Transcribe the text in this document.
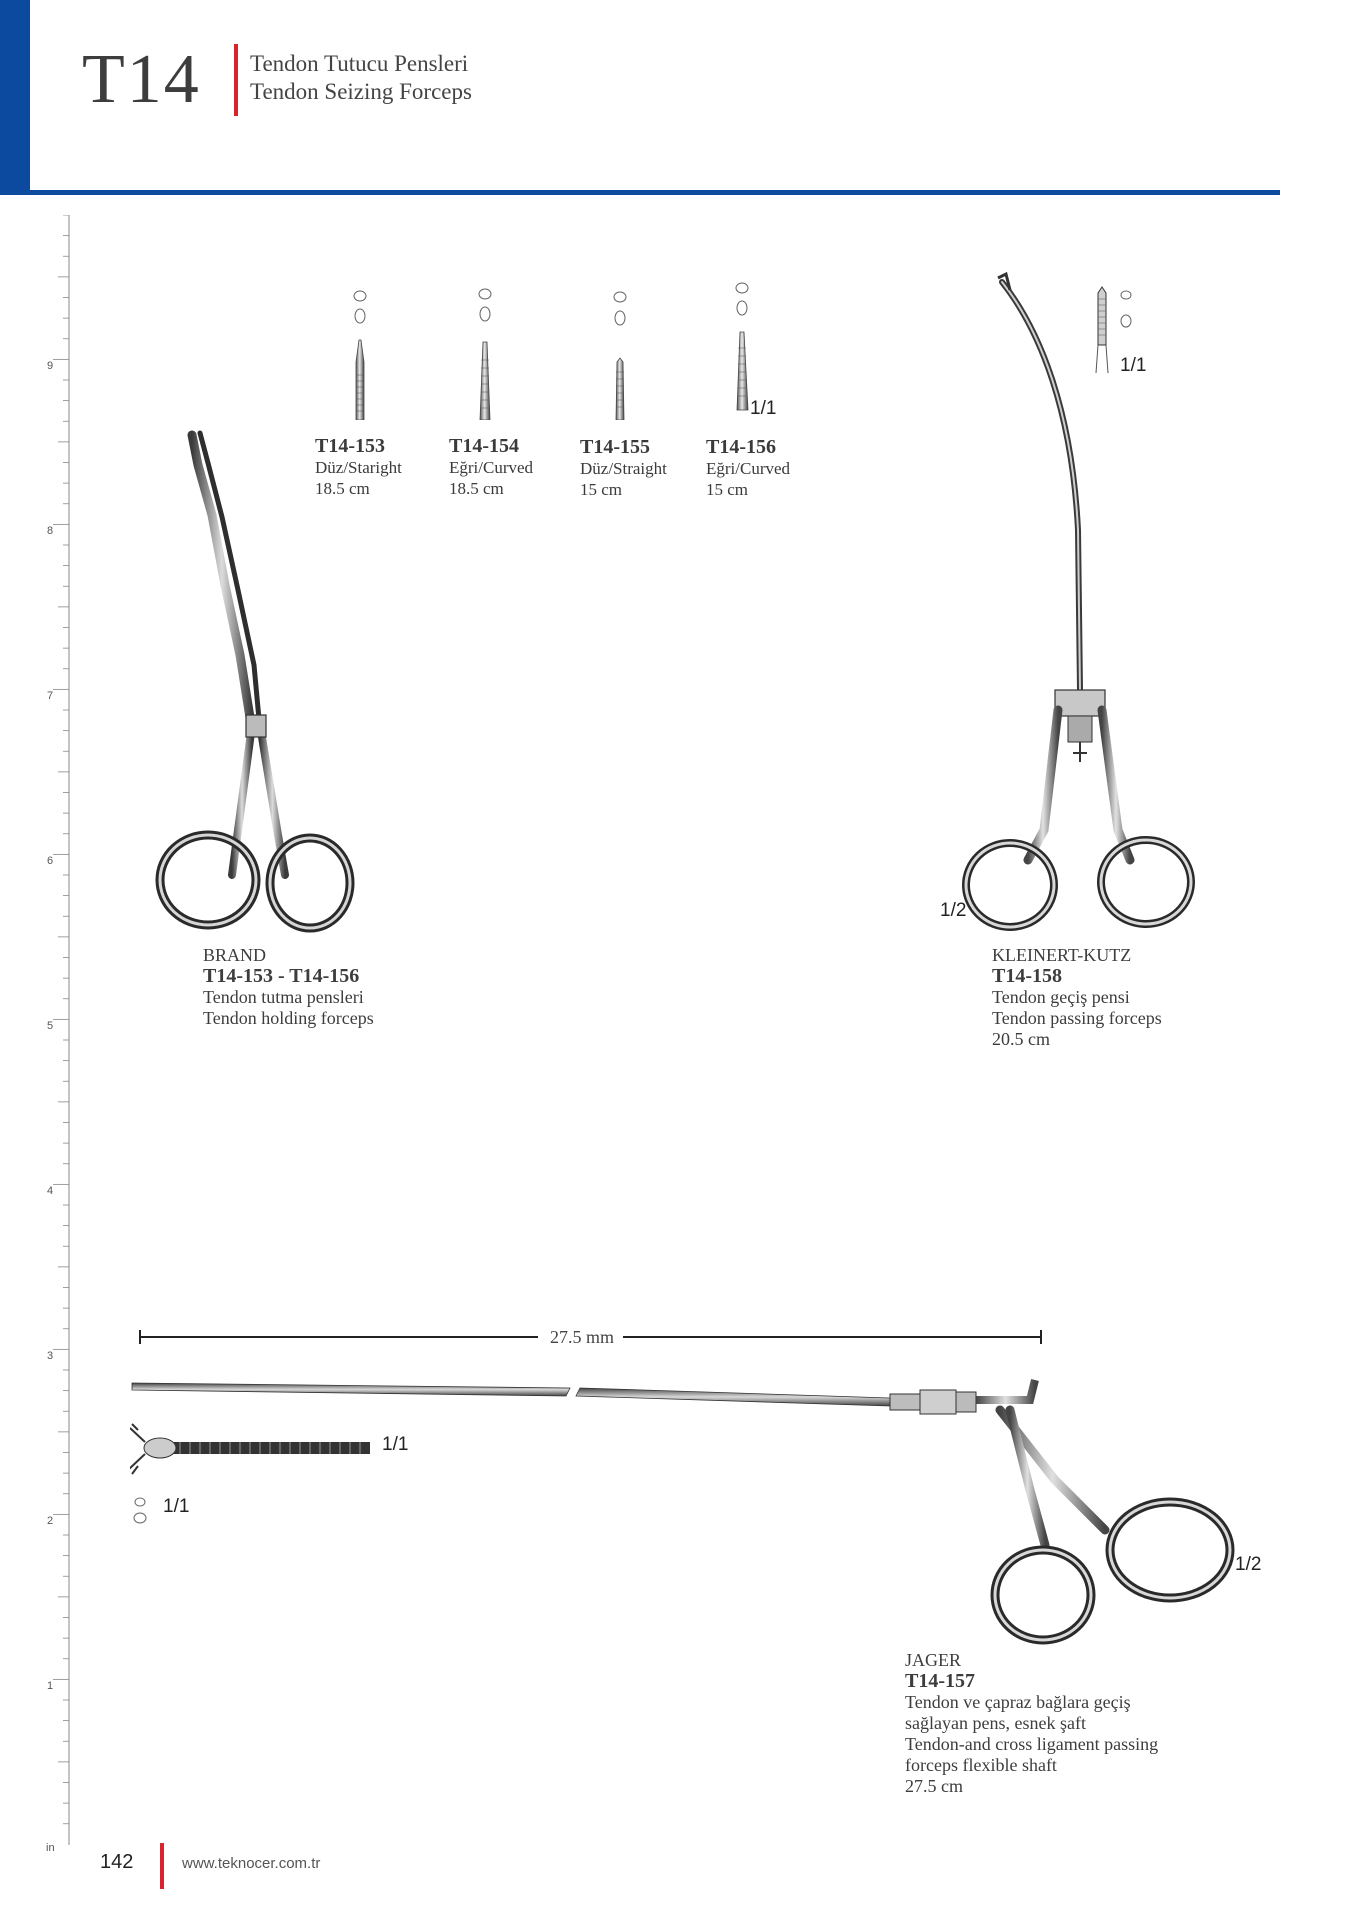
T14 Tendon Tutucu Pensleri
Tendon Seizing Forceps
9
8
7
6
5
4
3
2
1
in
1/1
T14-153
Düz/Staright
18.5 cm
T14-154
Eğri/Curved
18.5 cm
T14-155
Düz/Straight
15 cm
T14-156
Eğri/Curved
15 cm
BRAND
T14-153 - T14-156
Tendon tutma pensleri
Tendon holding forceps
1/1
1/2
KLEINERT-KUTZ
T14-158
Tendon geçiş pensi
Tendon passing forceps
20.5 cm
27.5 mm
1/1
1/1
1/2
JAGER
T14-157
Tendon ve çapraz bağlara geçiş
sağlayan pens, esnek şaft
Tendon-and cross ligament passing
forceps flexible shaft
27.5 cm
142	www.teknocer.com.tr
